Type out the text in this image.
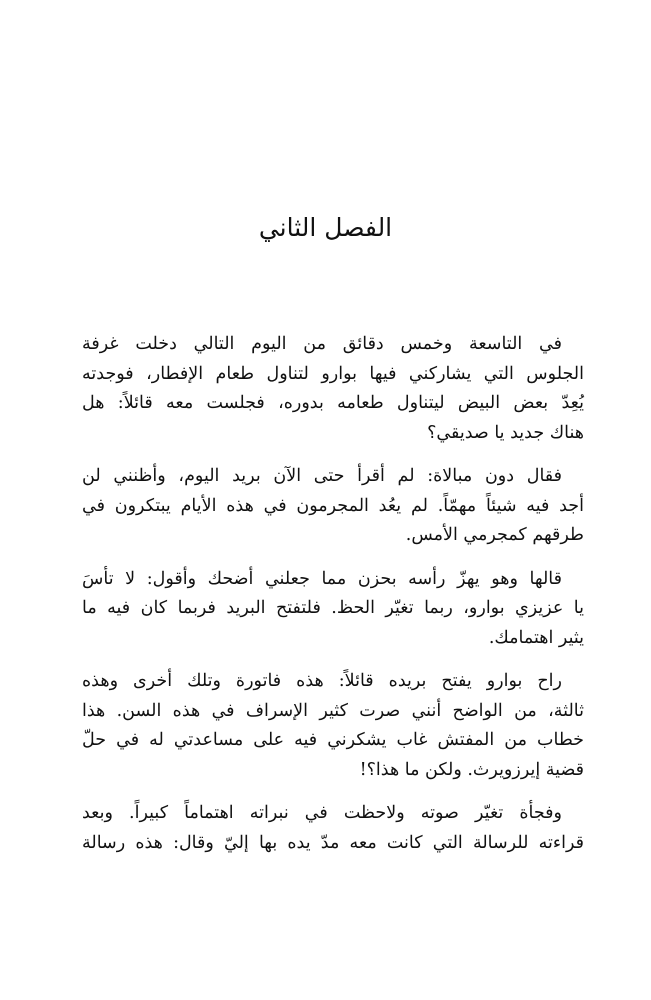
الفصل الثاني

في التاسعة وخمس دقائق من اليوم التالي دخلت غرفة
الجلوس التي يشاركني فيها بوارو لتناول طعام الإفطار، فوجدته
يُعِدّ بعض البيض ليتناول طعامه بدوره، فجلست معه قائلاً: هل
هناك جديد يا صديقي؟

فقال دون مبالاة: لم أقرأ حتى الآن بريد اليوم، وأظنني لن
أجد فيه شيئاً مهمّاً. لم يعُد المجرمون في هذه الأيام يبتكرون في
طرقهم كمجرمي الأمس.

قالها وهو يهزّ رأسه بحزن مما جعلني أضحك وأقول: لا تأسَ
يا عزيزي بوارو، ربما تغيّر الحظ. فلتفتح البريد فربما كان فيه ما
يثير اهتمامك.

راح بوارو يفتح بريده قائلاً: هذه فاتورة وتلك أخرى وهذه
ثالثة، من الواضح أنني صرت كثير الإسراف في هذه السن. هذا
خطاب من المفتش غاب يشكرني فيه على مساعدتي له في حلّ
قضية إيرزويرث. ولكن ما هذا؟!

وفجأة تغيّر صوته ولاحظت في نبراته اهتماماً كبيراً. وبعد
قراءته للرسالة التي كانت معه مدّ يده بها إليّ وقال: هذه رسالة
